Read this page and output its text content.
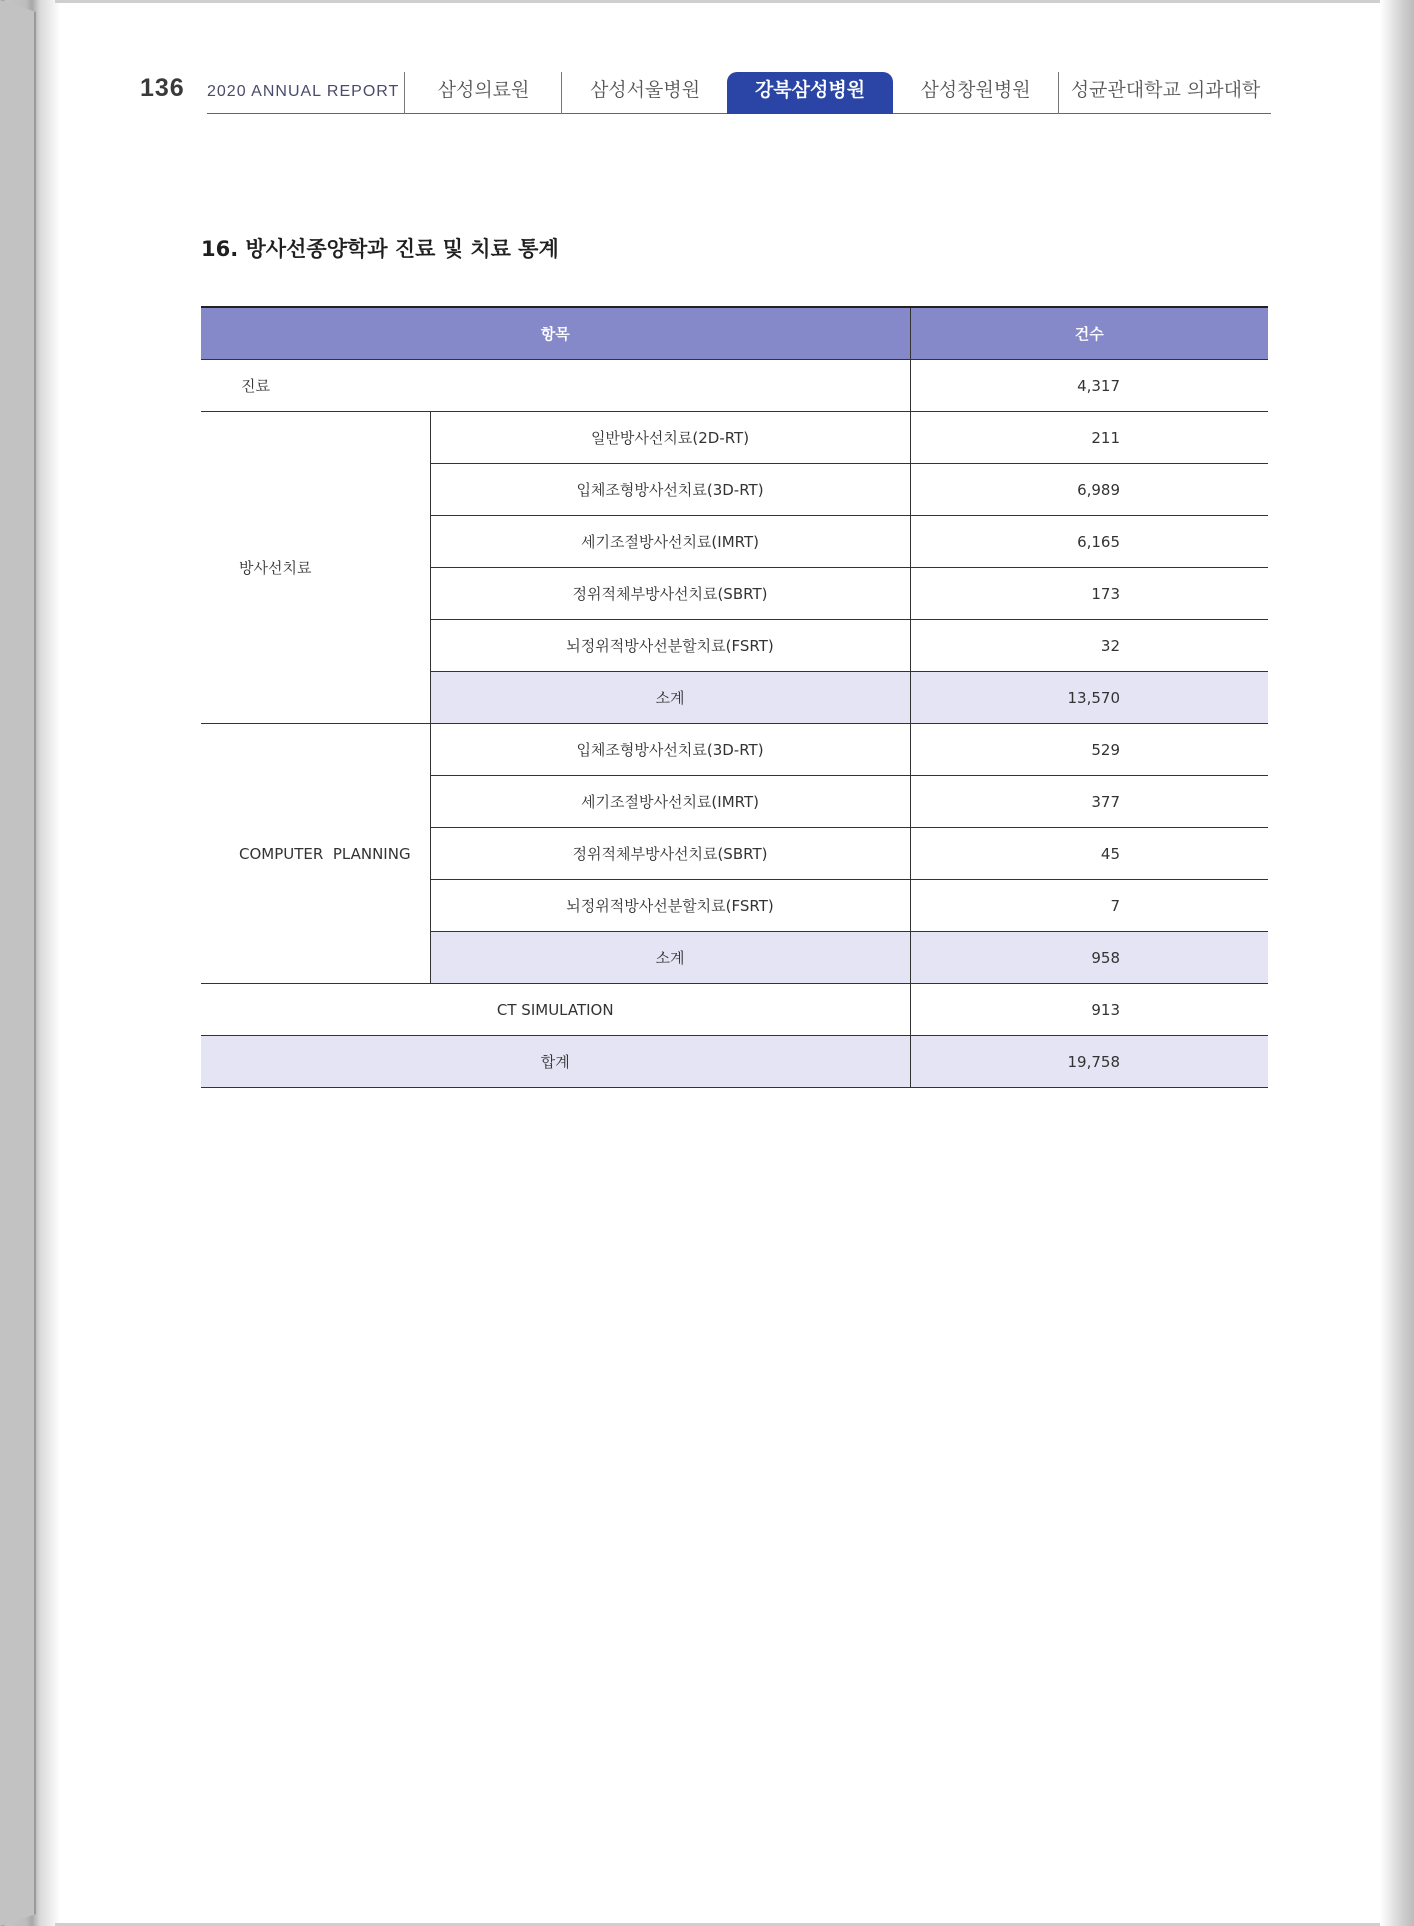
136 2020 ANNUAL REPORT	삼성의료원	삼성서울병원	강북삼성병원	삼성창원병원	성균관대학교 의과대학
16. 방사선종양학과 진료 및 치료 통계
항목		건수
진료		4,317
방사선치료	일반방사선치료(2D-RT)	211
	입체조형방사선치료(3D-RT)	6,989
	세기조절방사선치료(IMRT)	6,165
	정위적체부방사선치료(SBRT)	173
	뇌정위적방사선분할치료(FSRT)	32
	소계	13,570
COMPUTER  PLANNING	입체조형방사선치료(3D-RT)	529
	세기조절방사선치료(IMRT)	377
	정위적체부방사선치료(SBRT)	45
	뇌정위적방사선분할치료(FSRT)	7
	소계	958
CT SIMULATION		913
합계		19,758
